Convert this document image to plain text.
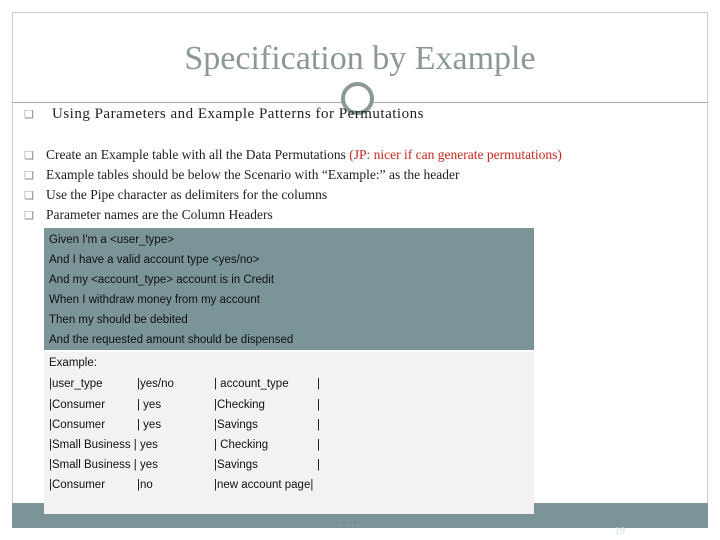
Specification by Example
❏ Using Parameters and Example Patterns for Permutations
❏ Create an Example table with all the Data Permutations (JP: nicer if can generate permutations)
❏ Example tables should be below the Scenario with “Example:” as the header
❏ Use the Pipe character as delimiters for the columns
❏ Parameter names are the Column Headers
Given I'm a <user_type>
And I have a valid account type <yes/no>
And my <account_type> account is in Credit
When I withdraw money from my account
Then my should be debited
And the requested amount should be dispensed
Example:
|user_type	|yes/no	| account_type |
|Consumer	| yes	|Checking	|
|Consumer	| yes	|Savings	|
|Small Business | yes	| Checking	|
|Small Business | yes	|Savings	|
|Consumer	|no	|new account page|
·····
19
